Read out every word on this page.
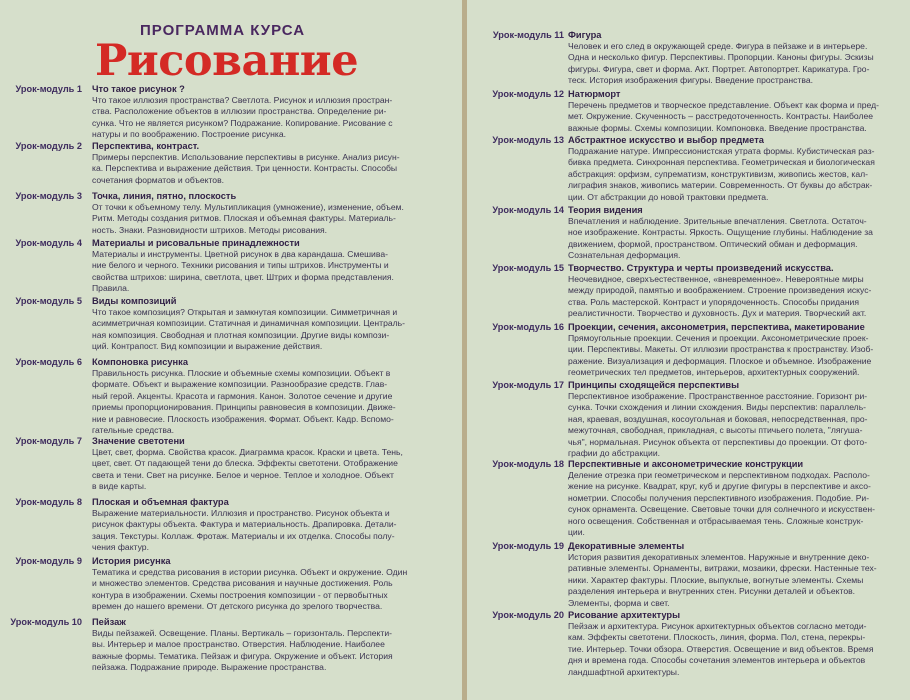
ПРОГРАММА КУРСА
Рисование
Урок-модуль 1 Что такое рисунок ?
Что такое иллюзия пространства? Светлота. Рисунок и иллюзия простран-
ства. Расположение объектов в иллюзии пространства. Определение ри-
сунка. Что не является рисунком? Подражание. Копирование. Рисование с
натуры и по воображению. Построение рисунка.
Урок-модуль 2 Перспектива, контраст.
Примеры перспектив. Использование перспективы в рисунке. Анализ рисун-
ка. Перспектива и выражение действия. Три ценности. Контрасты. Способы
сочетания форматов и объектов.
Урок-модуль 3 Точка, линия, пятно, плоскость
От точки к объемному телу. Мультипликация (умножение), изменение, объем.
Ритм. Методы создания ритмов. Плоская и объемная фактуры. Материаль-
ность. Знаки. Разновидности штрихов. Методы рисования.
Урок-модуль 4 Материалы и рисовальные принадлежности
Материалы и инструменты. Цветной рисунок в два карандаша. Смешива-
ние белого и черного. Техники рисования и типы штрихов. Инструменты и
свойства штрихов: ширина, светлота, цвет. Штрих и форма представления.
Правила.
Урок-модуль 5 Виды композиций
Что такое композиция? Открытая и замкнутая композиции. Симметричная и
асимметричная композиции. Статичная и динамичная композиции. Централь-
ная композиция. Свободная и плотная композиции. Другие виды компози-
ций. Контрапост. Вид композиции и выражение действия.
Урок-модуль 6 Компоновка рисунка
Правильность рисунка. Плоские и объемные схемы композиции. Объект в
формате. Объект и выражение композиции. Разнообразие средств. Глав-
ный герой. Акценты. Красота и гармония. Канон. Золотое сечение и другие
приемы пропорционирования. Принципы равновесия в композиции. Движе-
ние и равновесие. Плоскость изображения. Формат. Объект. Кадр. Вспомо-
гательные средства.
Урок-модуль 7 Значение светотени
Цвет, свет, форма. Свойства красок. Диаграмма красок. Краски и цвета. Тень,
цвет, свет. От падающей тени до блеска. Эффекты светотени. Отображение
света и тени. Свет на рисунке. Белое и черное. Теплое и холодное. Объект
в виде карты.
Урок-модуль 8 Плоская и объемная фактура
Выражение материальности. Иллюзия и пространство. Рисунок объекта и
рисунок фактуры объекта. Фактура и материальность. Драпировка. Детали-
зация. Текстуры. Коллаж. Фротаж. Материалы и их отделка. Способы полу-
чения фактур.
Урок-модуль 9 История рисунка
Тематика и средства рисования в истории рисунка. Объект и окружение. Один
и множество элементов. Средства рисования и научные достижения. Роль
контура в изображении. Схемы построения композиции - от первобытных
времен до нашего времени. От детского рисунка до зрелого творчества.
Урок-модуль 10 Пейзаж
Виды пейзажей. Освещение. Планы. Вертикаль – горизонталь. Перспекти-
вы. Интерьер и малое пространство. Отверстия. Наблюдение. Наиболее
важные формы. Тематика. Пейзаж и фигура. Окружение и объект. История
пейзажа. Подражание природе. Выражение пространства.
Урок-модуль 11 Фигура
Человек и его след в окружающей среде. Фигура в пейзаже и в интерьере.
Одна и несколько фигур. Перспективы. Пропорции. Каноны фигуры. Эскизы
фигуры. Фигура, свет и форма. Акт. Портрет. Автопортрет. Карикатура. Гро-
теск. История изображения фигуры. Введение пространства.
Урок-модуль 12 Натюрморт
Перечень предметов и творческое представление. Объект как форма и пред-
мет. Окружение. Скученность – расстредоточенность. Контрасты. Наиболее
важные формы. Схемы композиции. Компоновка. Введение пространства.
Урок-модуль 13 Абстрактное искусство и выбор предмета
Подражание натуре. Импрессионистская утрата формы. Кубистическая раз-
бивка предмета. Синхронная перспектива. Геометрическая и биологическая
абстракция: орфизм, супрематизм, конструктивизм, живопись жестов, кал-
лиграфия знаков, живопись материи. Современность. От буквы до абстрак-
ции. От абстракции до новой трактовки предмета.
Урок-модуль 14 Теория видения
Впечатления и наблюдение. Зрительные впечатления. Светлота. Остаточ-
ное изображение. Контрасты. Яркость. Ощущение глубины. Наблюдение за
движением, формой, пространством. Оптический обман и деформация.
Сознательная деформация.
Урок-модуль 15 Творчество. Структура и черты произведений искусства.
Неочевидное, сверхъестественное, «вневременное». Невероятные миры
между природой, памятью и воображением. Строение произведения искус-
ства. Роль мастерской. Контраст и упорядоченность. Способы придания
реалистичности. Творчество и духовность. Дух и материя. Творческий акт.
Урок-модуль 16 Проекции, сечения, аксонометрия, перспектива, макетирование
Прямоугольные проекции. Сечения и проекции. Аксонометрические проек-
ции. Перспективы. Макеты. От иллюзии пространства к пространству. Изоб-
ражение. Визуализация и деформация. Плоское и объемное. Изображение
геометрических тел предметов, интерьеров, архитектурных сооружений.
Урок-модуль 17 Принципы сходящейся перспективы
Перспективное изображение. Пространственное расстояние. Горизонт ри-
сунка. Точки схождения и линии схождения. Виды перспектив: параллель-
ная, краевая, воздушная, косоугольная и боковая, непосредственная, про-
межуточная, свободная, прикладная, с высоты птичьего полета, "лягуша-
чья", нормальная. Рисунок объекта от перспективы до проекции. От фото-
графии до абстракции.
Урок-модуль 18 Перспективные и аксонометрические конструкции
Деление отрезка при геометрическом и перспективном подходах. Располо-
жение на рисунке. Квадрат, круг, куб и другие фигуры в перспективе и аксо-
нометрии. Способы получения перспективного изображения. Подобие. Ри-
сунок орнамента. Освещение. Световые точки для солнечного и искусствен-
ного освещения. Собственная и отбрасываемая тень. Сложные конструк-
ции.
Урок-модуль 19 Декоративные элементы
История развития декоративных элементов. Наружные и внутренние деко-
ративные элементы. Орнаменты, витражи, мозаики, фрески. Настенные тех-
ники. Характер фактуры. Плоские, выпуклые, вогнутые элементы. Схемы
разделения интерьера и внутренних стен. Рисунки деталей и объектов.
Элементы, форма и свет.
Урок-модуль 20 Рисование архитектуры
Пейзаж и архитектура. Рисунок архитектурных объектов согласно методи-
кам. Эффекты светотени. Плоскость, линия, форма. Пол, стена, перекры-
тие. Интерьер. Точки обзора. Отверстия. Освещение и вид объектов. Время
дня и времена года. Способы сочетания элементов интерьера и объектов
ландшафтной архитектуры.
